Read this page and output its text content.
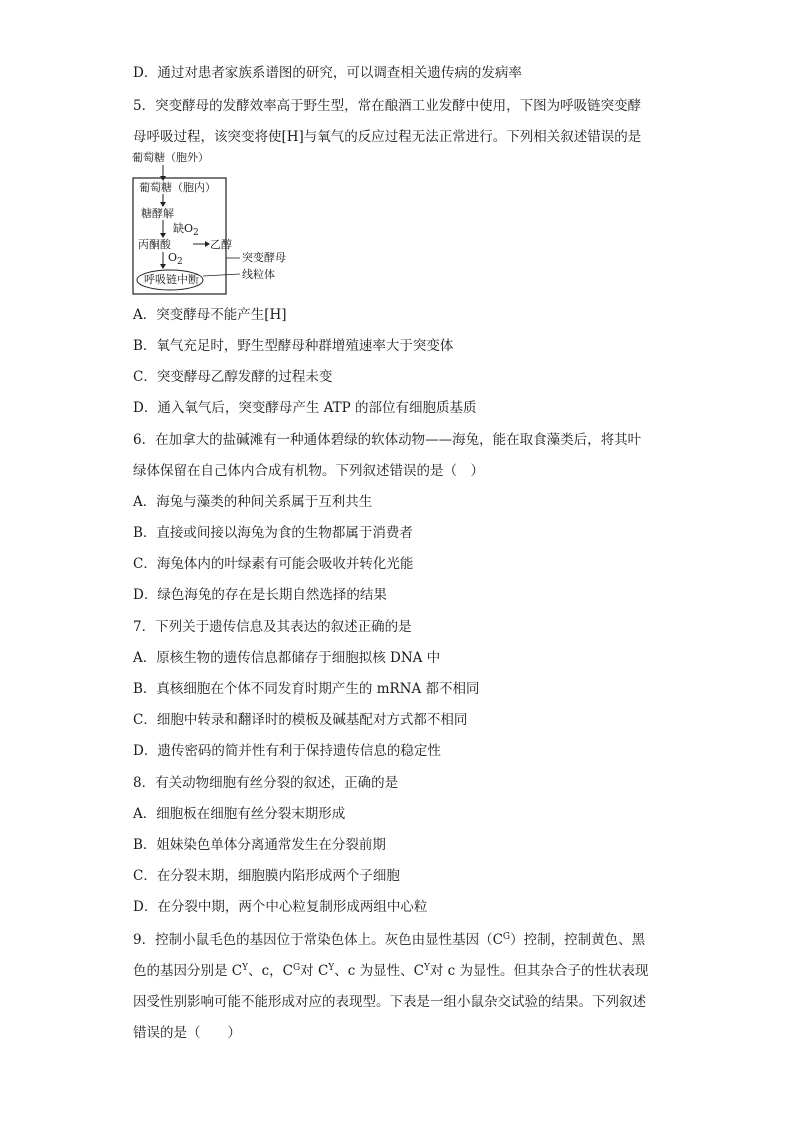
D．通过对患者家族系谱图的研究，可以调查相关遗传病的发病率
5．突变酵母的发酵效率高于野生型，常在酿酒工业发酵中使用，下图为呼吸链突变酵
母呼吸过程，该突变将使[H]与氧气的反应过程无法正常进行。下列相关叙述错误的是
葡萄糖（胞外）
葡萄糖（胞内）
糖酵解
缺$O_2$
丙酮酸	乙醇
$O_2$
呼吸链中断
突变酵母
线粒体
A．突变酵母不能产生[H]
B．氧气充足时，野生型酵母种群增殖速率大于突变体
C．突变酵母乙醇发酵的过程未变
D．通入氧气后，突变酵母产生 ATP 的部位有细胞质基质
6．在加拿大的盐碱滩有一种通体碧绿的软体动物——海兔，能在取食藻类后，将其叶
绿体保留在自己体内合成有机物。下列叙述错误的是（　）
A．海兔与藻类的种间关系属于互利共生
B．直接或间接以海兔为食的生物都属于消费者
C．海兔体内的叶绿素有可能会吸收并转化光能
D．绿色海兔的存在是长期自然选择的结果
7．下列关于遗传信息及其表达的叙述正确的是
A．原核生物的遗传信息都储存于细胞拟核 DNA 中
B．真核细胞在个体不同发育时期产生的 mRNA 都不相同
C．细胞中转录和翻译时的模板及碱基配对方式都不相同
D．遗传密码的简并性有利于保持遗传信息的稳定性
8．有关动物细胞有丝分裂的叙述，正确的是
A．细胞板在细胞有丝分裂末期形成
B．姐妹染色单体分离通常发生在分裂前期
C．在分裂末期，细胞膜内陷形成两个子细胞
D．在分裂中期，两个中心粒复制形成两组中心粒
9．控制小鼠毛色的基因位于常染色体上。灰色由显性基因$(C^G)$控制，控制黄色、黑
色的基因分别是 $C^Y$、c，$C^G$对 $C^Y$、c 为显性、$C^Y$对 c 为显性。但其杂合子的性状表现
因受性别影响可能不能形成对应的表现型。下表是一组小鼠杂交试验的结果。下列叙述
错误的是（　　）
